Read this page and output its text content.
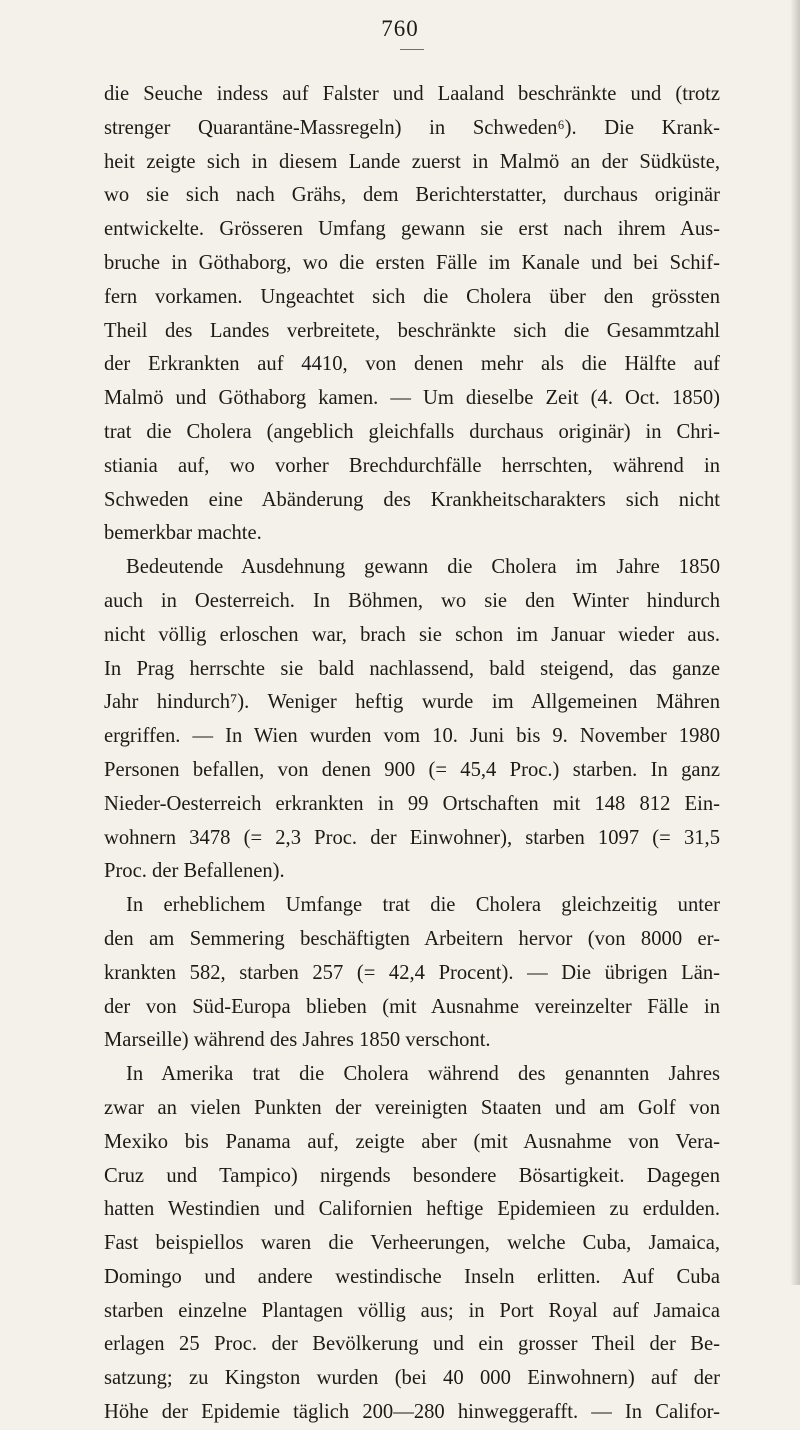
760
die Seuche indess auf Falster und Laaland beschränkte und (trotz
strenger Quarantäne-Massregeln) in Schweden⁶). Die Krank-
heit zeigte sich in diesem Lande zuerst in Malmö an der Südküste,
wo sie sich nach Grähs, dem Berichterstatter, durchaus originär
entwickelte. Grösseren Umfang gewann sie erst nach ihrem Aus-
bruche in Göthaborg, wo die ersten Fälle im Kanale und bei Schif-
fern vorkamen. Ungeachtet sich die Cholera über den grössten
Theil des Landes verbreitete, beschränkte sich die Gesammtzahl
der Erkrankten auf 4410, von denen mehr als die Hälfte auf
Malmö und Göthaborg kamen. — Um dieselbe Zeit (4. Oct. 1850)
trat die Cholera (angeblich gleichfalls durchaus originär) in Chri-
stiania auf, wo vorher Brechdurchfälle herrschten, während in
Schweden eine Abänderung des Krankheitscharakters sich nicht
bemerkbar machte.
Bedeutende Ausdehnung gewann die Cholera im Jahre 1850
auch in Oesterreich. In Böhmen, wo sie den Winter hindurch
nicht völlig erloschen war, brach sie schon im Januar wieder aus.
In Prag herrschte sie bald nachlassend, bald steigend, das ganze
Jahr hindurch⁷). Weniger heftig wurde im Allgemeinen Mähren
ergriffen. — In Wien wurden vom 10. Juni bis 9. November 1980
Personen befallen, von denen 900 (= 45,4 Proc.) starben. In ganz
Nieder-Oesterreich erkrankten in 99 Ortschaften mit 148 812 Ein-
wohnern 3478 (= 2,3 Proc. der Einwohner), starben 1097 (= 31,5
Proc. der Befallenen).
In erheblichem Umfange trat die Cholera gleichzeitig unter
den am Semmering beschäftigten Arbeitern hervor (von 8000 er-
krankten 582, starben 257 (= 42,4 Procent). — Die übrigen Län-
der von Süd-Europa blieben (mit Ausnahme vereinzelter Fälle in
Marseille) während des Jahres 1850 verschont.
In Amerika trat die Cholera während des genannten Jahres
zwar an vielen Punkten der vereinigten Staaten und am Golf von
Mexiko bis Panama auf, zeigte aber (mit Ausnahme von Vera-
Cruz und Tampico) nirgends besondere Bösartigkeit. Dagegen
hatten Westindien und Californien heftige Epidemieen zu erdulden.
Fast beispiellos waren die Verheerungen, welche Cuba, Jamaica,
Domingo und andere westindische Inseln erlitten. Auf Cuba
starben einzelne Plantagen völlig aus; in Port Royal auf Jamaica
erlagen 25 Proc. der Bevölkerung und ein grosser Theil der Be-
satzung; zu Kingston wurden (bei 40 000 Einwohnern) auf der
Höhe der Epidemie täglich 200—280 hinweggerafft. — In Califor-
